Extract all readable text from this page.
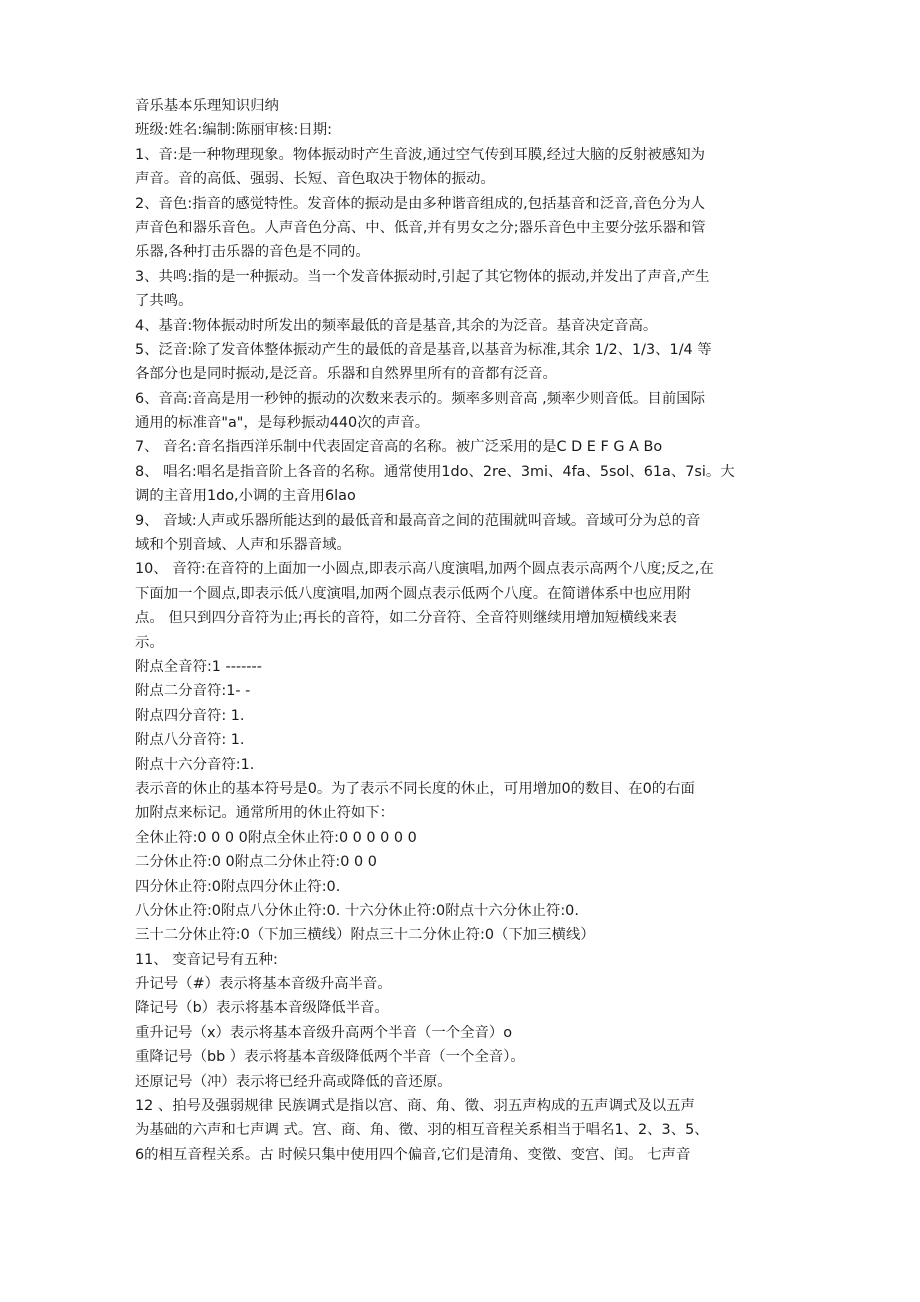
音乐基本乐理知识归纳
班级:姓名:编制:陈丽审核:日期:
1、音:是一种物理现象。物体振动时产生音波,通过空气传到耳膜,经过大脑的反射被感知为
声音。音的高低、强弱、长短、音色取决于物体的振动。
2、音色:指音的感觉特性。发音体的振动是由多种谐音组成的,包括基音和泛音,音色分为人
声音色和器乐音色。人声音色分高、中、低音,并有男女之分;器乐音色中主要分弦乐器和管
乐器,各种打击乐器的音色是不同的。
3、共鸣:指的是一种振动。当一个发音体振动时,引起了其它物体的振动,并发出了声音,产生
了共鸣。
4、基音:物体振动时所发出的频率最低的音是基音,其余的为泛音。基音决定音高。
5、泛音:除了发音体整体振动产生的最低的音是基音,以基音为标准,其余 1/2、1/3、1/4 等
各部分也是同时振动,是泛音。乐器和自然界里所有的音都有泛音。
6、音高:音高是用一秒钟的振动的次数来表示的。频率多则音高 ,频率少则音低。目前国际
通用的标准音"a"，是每秒振动440次的声音。
7、 音名:音名指西洋乐制中代表固定音高的名称。被广泛采用的是C D E F G A Bo
8、 唱名:唱名是指音阶上各音的名称。通常使用1do、2re、3mi、4fa、5sol、61a、7si。大
调的主音用1do,小调的主音用6lao
9、 音域:人声或乐器所能达到的最低音和最高音之间的范围就叫音域。音域可分为总的音
域和个别音域、人声和乐器音域。
10、 音符:在音符的上面加一小圆点,即表示高八度演唱,加两个圆点表示高两个八度;反之,在
下面加一个圆点,即表示低八度演唱,加两个圆点表示低两个八度。在简谱体系中也应用附
点。 但只到四分音符为止;再长的音符，如二分音符、全音符则继续用增加短横线来表
示。
附点全音符:1 -------
附点二分音符:1- -
附点四分音符: 1.
附点八分音符: 1.
附点十六分音符:1.
表示音的休止的基本符号是0。为了表示不同长度的休止，可用增加0的数目、在0的右面
加附点来标记。通常所用的休止符如下：
全休止符:0 0 0 0附点全休止符:0 0 0 0 0 0
二分休止符:0 0附点二分休止符:0 0 0
四分休止符:0附点四分休止符:0.
八分休止符:0附点八分休止符:0. 十六分休止符:0附点十六分休止符:0.
三十二分休止符:0（下加三横线）附点三十二分休止符:0（下加三横线）
11、 变音记号有五种:
升记号（#）表示将基本音级升高半音。
降记号（b）表示将基本音级降低半音。
重升记号（x）表示将基本音级升高两个半音（一个全音）o
重降记号（bb ）表示将基本音级降低两个半音（一个全音）。
还原记号（冲）表示将已经升高或降低的音还原。
12 、拍号及强弱规律 民族调式是指以宫、商、角、徵、羽五声构成的五声调式及以五声
为基础的六声和七声调 式。宫、商、角、徵、羽的相互音程关系相当于唱名1、2、3、5、
6的相互音程关系。古 时候只集中使用四个偏音,它们是清角、变徵、变宫、闰。 七声音
